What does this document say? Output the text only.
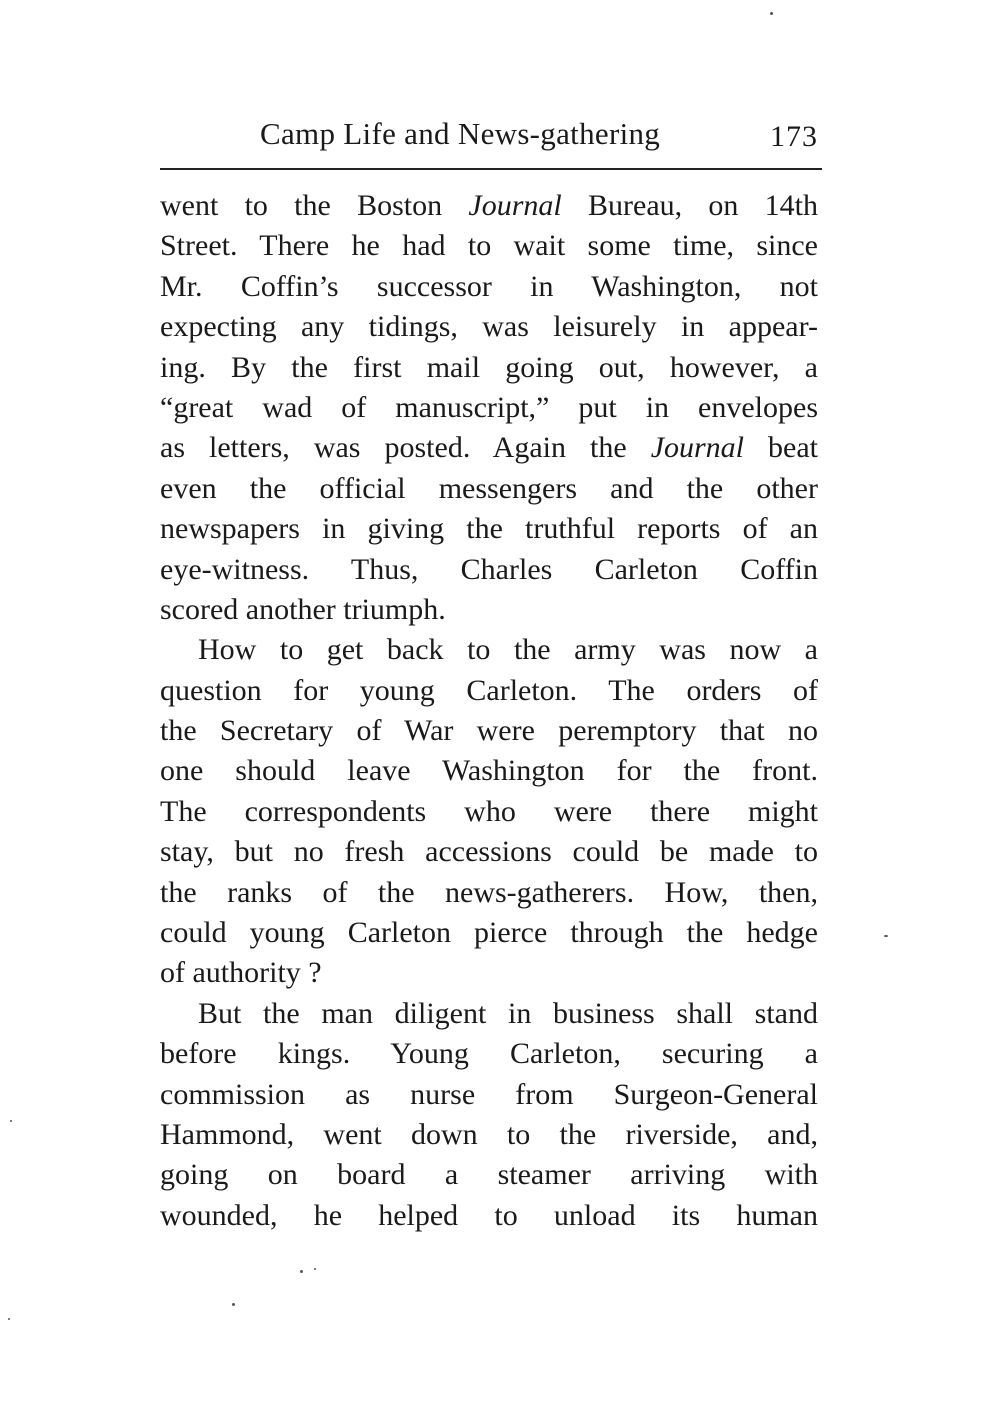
Camp Life and News-gathering	173
went to the Boston Journal Bureau, on 14th
Street. There he had to wait some time, since
Mr. Coffin’s successor in Washington, not
expecting any tidings, was leisurely in appear-
ing. By the first mail going out, however, a
“great wad of manuscript,” put in envelopes
as letters, was posted. Again the Journal beat
even the official messengers and the other
newspapers in giving the truthful reports of an
eye-witness. Thus, Charles Carleton Coffin
scored another triumph.
How to get back to the army was now a
question for young Carleton. The orders of
the Secretary of War were peremptory that no
one should leave Washington for the front.
The correspondents who were there might
stay, but no fresh accessions could be made to
the ranks of the news-gatherers. How, then,
could young Carleton pierce through the hedge
of authority ?
But the man diligent in business shall stand
before kings. Young Carleton, securing a
commission as nurse from Surgeon-General
Hammond, went down to the riverside, and,
going on board a steamer arriving with
wounded, he helped to unload its human
